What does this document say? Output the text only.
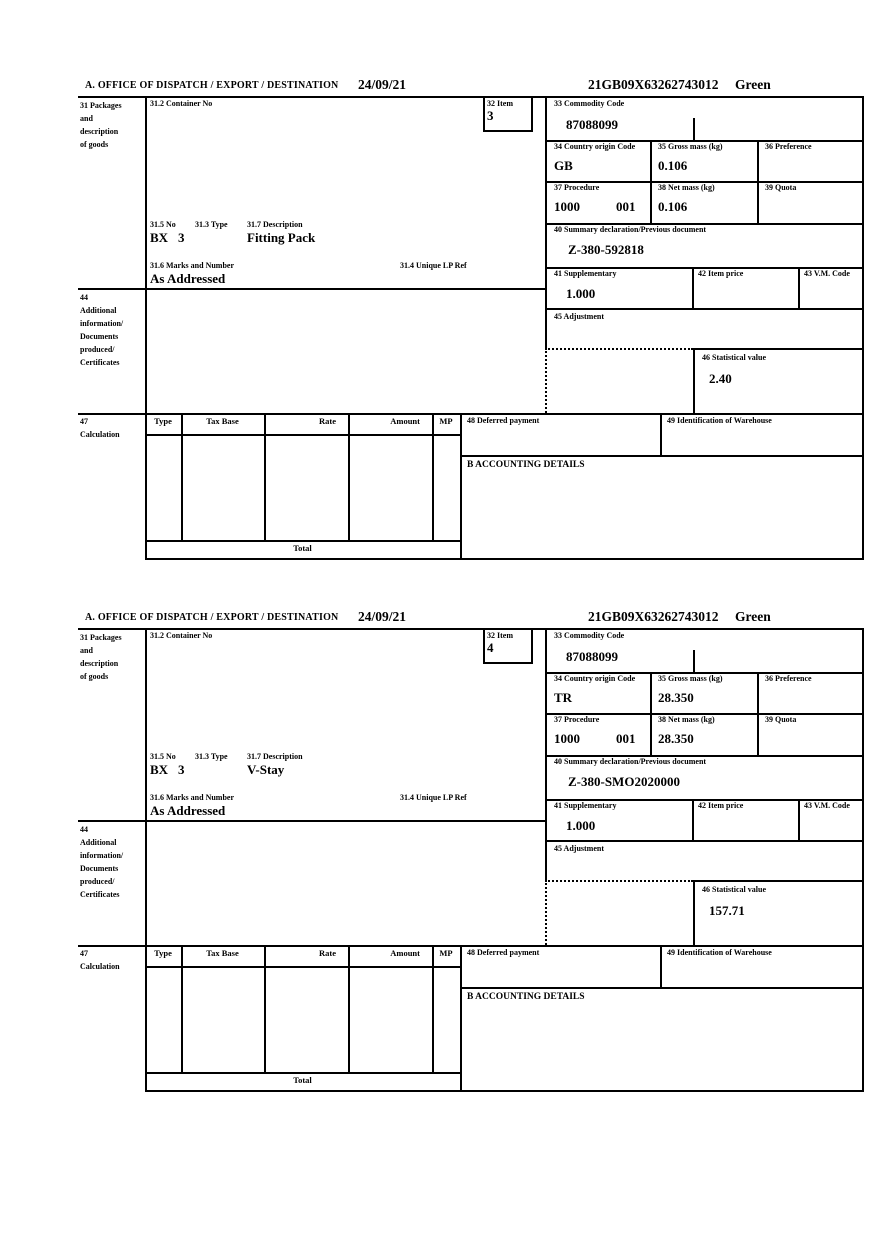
A. OFFICE OF DISPATCH / EXPORT / DESTINATION 24/09/21	21GB09X63262743012 Green
31 Packages
and
description
of goods
44
Additional
information/
Documents
produced/
Certificates
47
Calculation
31.2 Container No	32 Item
3
31.5 No 31.3 Type 31.7 Description
BX 3	Fitting Pack
31.6 Marks and Number	31.4 Unique LP Ref
As Addressed
33 Commodity Code
87088099
34 Country origin Code
GB
35 Gross mass (kg)
0.106
36 Preference
37 Procedure
1000	001
38 Net mass (kg)
0.106
39 Quota
40 Summary declaration/Previous document
Z-380-592818
41 Supplementary
1.000
42 Item price	43 V.M. Code
45 Adjustment
46 Statistical value
2.40
Type	Tax Base	Rate	Amount	MP
Total
48 Deferred payment	49 Identification of Warehouse
B ACCOUNTING DETAILS
A. OFFICE OF DISPATCH / EXPORT / DESTINATION 24/09/21	21GB09X63262743012 Green
31 Packages
and
description
of goods
44
Additional
information/
Documents
produced/
Certificates
47
Calculation
31.2 Container No	32 Item
4
31.5 No 31.3 Type 31.7 Description
BX 3	V-Stay
31.6 Marks and Number	31.4 Unique LP Ref
As Addressed
33 Commodity Code
87088099
34 Country origin Code
TR
35 Gross mass (kg)
28.350
36 Preference
37 Procedure
1000	001
38 Net mass (kg)
28.350
39 Quota
40 Summary declaration/Previous document
Z-380-SMO2020000
41 Supplementary
1.000
42 Item price	43 V.M. Code
45 Adjustment
46 Statistical value
157.71
Type	Tax Base	Rate	Amount	MP
Total
48 Deferred payment	49 Identification of Warehouse
B ACCOUNTING DETAILS
